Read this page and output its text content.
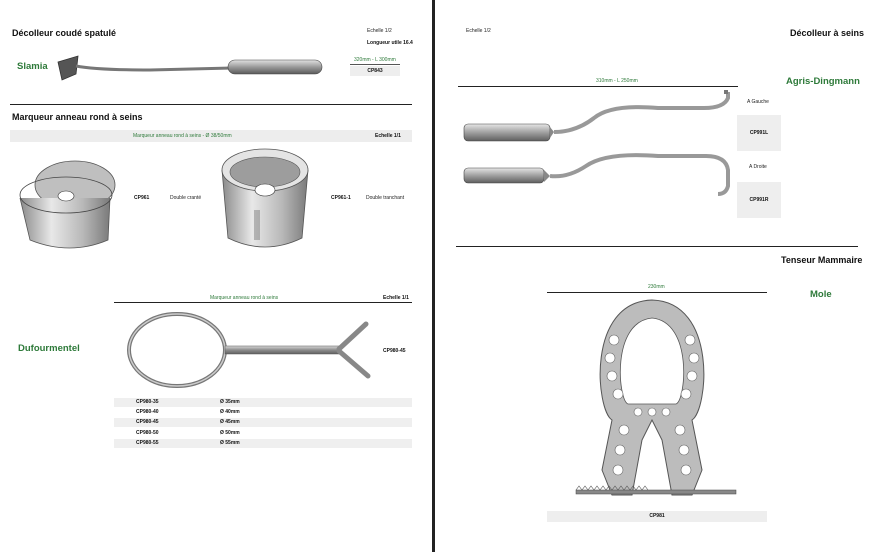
Décolleur coudé spatulé	Echelle 1/2
Longueur utile 16.4
Slamia
320mm - L 300mm
CP843
Marqueur anneau rond à seins
Marqueur anneau rond à seins - Ø 38/50mm	Echelle 1/1
CP961	Double cranté	CP961-1	Double tranchant
Marqueur anneau rond à seins	Echelle 1/1
Dufourmentel	CP980-45
CP980-35	Ø 35mm
CP980-40	Ø 40mm
CP980-45	Ø 45mm
CP980-50	Ø 50mm
CP980-55	Ø 55mm
Echelle 1/2	Décolleur à seins
310mm - L 250mm	Agris-Dingmann
A Gauche
CP991L
A Droite
CP991R
Tenseur Mammaire
230mm
Mole
CP981
